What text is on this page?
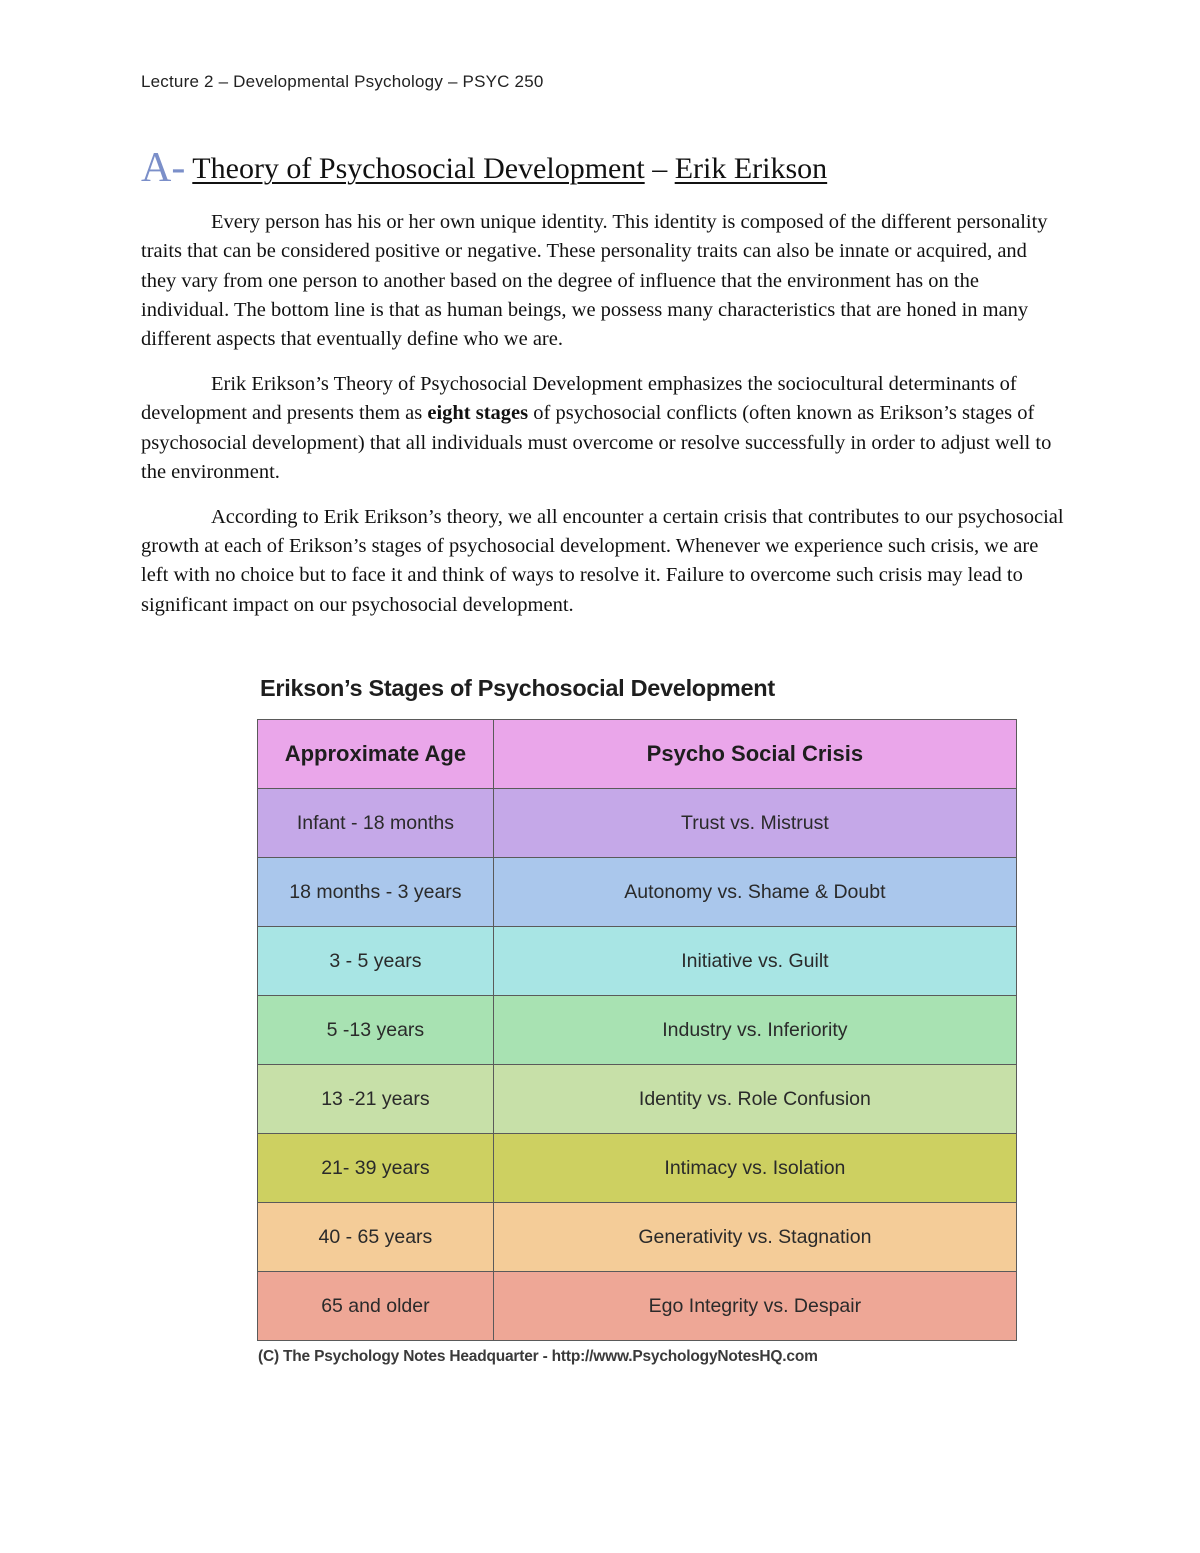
Lecture 2 – Developmental Psychology – PSYC 250
A- Theory of Psychosocial Development – Erik Erikson

Every person has his or her own unique identity. This identity is composed of the different personality traits that can be considered positive or negative. These personality traits can also be innate or acquired, and they vary from one person to another based on the degree of influence that the environment has on the individual. The bottom line is that as human beings, we possess many characteristics that are honed in many different aspects that eventually define who we are.

Erik Erikson’s Theory of Psychosocial Development emphasizes the sociocultural determinants of development and presents them as eight stages of psychosocial conflicts (often known as Erikson’s stages of psychosocial development) that all individuals must overcome or resolve successfully in order to adjust well to the environment.

According to Erik Erikson’s theory, we all encounter a certain crisis that contributes to our psychosocial growth at each of Erikson’s stages of psychosocial development. Whenever we experience such crisis, we are left with no choice but to face it and think of ways to resolve it. Failure to overcome such crisis may lead to significant impact on our psychosocial development.

Erikson’s Stages of Psychosocial Development
Approximate Age	Psycho Social Crisis
Infant - 18 months	Trust vs. Mistrust
18 months - 3 years	Autonomy vs. Shame & Doubt
3 - 5 years	Initiative vs. Guilt
5 -13 years	Industry vs. Inferiority
13 -21 years	Identity vs. Role Confusion
21- 39 years	Intimacy vs. Isolation
40 - 65 years	Generativity vs. Stagnation
65 and older	Ego Integrity vs. Despair
(C) The Psychology Notes Headquarter - http://www.PsychologyNotesHQ.com
